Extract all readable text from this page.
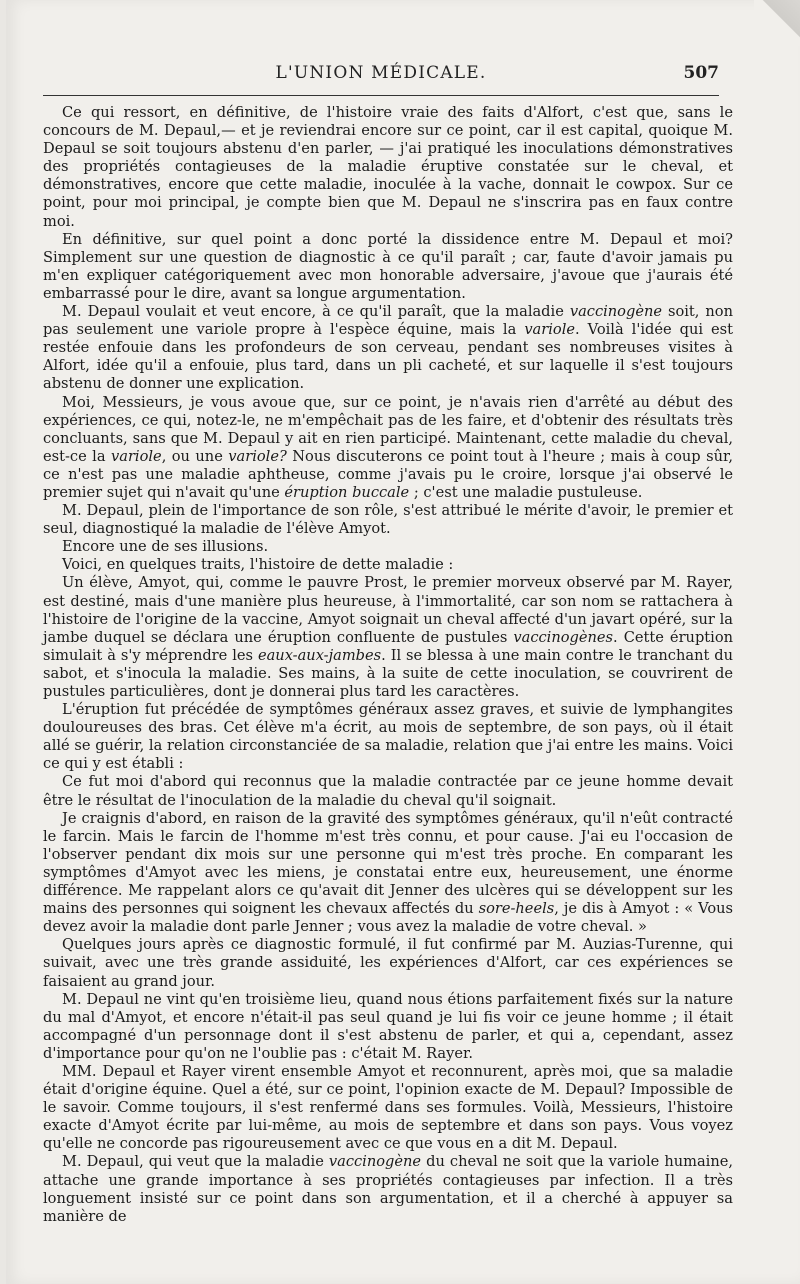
L'UNION MÉDICALE.	507

Ce qui ressort, en définitive, de l'histoire vraie des faits d'Alfort, c'est que, sans le concours de M. Depaul,— et je reviendrai encore sur ce point, car il est capital, quoique M. Depaul se soit toujours abstenu d'en parler, — j'ai pratiqué les inoculations démonstratives des propriétés contagieuses de la maladie éruptive constatée sur le cheval, et démonstratives, encore que cette maladie, inoculée à la vache, donnait le cowpox. Sur ce point, pour moi principal, je compte bien que M. Depaul ne s'inscrira pas en faux contre moi.

En définitive, sur quel point a donc porté la dissidence entre M. Depaul et moi? Simplement sur une question de diagnostic à ce qu'il paraît ; car, faute d'avoir jamais pu m'en expliquer catégoriquement avec mon honorable adversaire, j'avoue que j'aurais été embarrassé pour le dire, avant sa longue argumentation.

M. Depaul voulait et veut encore, à ce qu'il paraît, que la maladie vaccinogène soit, non pas seulement une variole propre à l'espèce équine, mais la variole. Voilà l'idée qui est restée enfouie dans les profondeurs de son cerveau, pendant ses nombreuses visites à Alfort, idée qu'il a enfouie, plus tard, dans un pli cacheté, et sur laquelle il s'est toujours abstenu de donner une explication.

Moi, Messieurs, je vous avoue que, sur ce point, je n'avais rien d'arrêté au début des expériences, ce qui, notez-le, ne m'empêchait pas de les faire, et d'obtenir des résultats très concluants, sans que M. Depaul y ait en rien participé. Maintenant, cette maladie du cheval, est-ce la variole, ou une variole? Nous discuterons ce point tout à l'heure ; mais à coup sûr, ce n'est pas une maladie aphtheuse, comme j'avais pu le croire, lorsque j'ai observé le premier sujet qui n'avait qu'une éruption buccale ; c'est une maladie pustuleuse.

M. Depaul, plein de l'importance de son rôle, s'est attribué le mérite d'avoir, le premier et seul, diagnostiqué la maladie de l'élève Amyot.

Encore une de ses illusions.

Voici, en quelques traits, l'histoire de dette maladie :

Un élève, Amyot, qui, comme le pauvre Prost, le premier morveux observé par M. Rayer, est destiné, mais d'une manière plus heureuse, à l'immortalité, car son nom se rattachera à l'histoire de l'origine de la vaccine, Amyot soignait un cheval affecté d'un javart opéré, sur la jambe duquel se déclara une éruption confluente de pustules vaccinogènes. Cette éruption simulait à s'y méprendre les eaux-aux-jambes. Il se blessa à une main contre le tranchant du sabot, et s'inocula la maladie. Ses mains, à la suite de cette inoculation, se couvrirent de pustules particulières, dont je donnerai plus tard les caractères.

L'éruption fut précédée de symptômes généraux assez graves, et suivie de lymphangites douloureuses des bras. Cet élève m'a écrit, au mois de septembre, de son pays, où il était allé se guérir, la relation circonstanciée de sa maladie, relation que j'ai entre les mains. Voici ce qui y est établi :

Ce fut moi d'abord qui reconnus que la maladie contractée par ce jeune homme devait être le résultat de l'inoculation de la maladie du cheval qu'il soignait.

Je craignis d'abord, en raison de la gravité des symptômes généraux, qu'il n'eût contracté le farcin. Mais le farcin de l'homme m'est très connu, et pour cause. J'ai eu l'occasion de l'observer pendant dix mois sur une personne qui m'est très proche. En comparant les symptômes d'Amyot avec les miens, je constatai entre eux, heureusement, une énorme différence. Me rappelant alors ce qu'avait dit Jenner des ulcères qui se développent sur les mains des personnes qui soignent les chevaux affectés du sore-heels, je dis à Amyot : « Vous devez avoir la maladie dont parle Jenner ; vous avez la maladie de votre cheval. »

Quelques jours après ce diagnostic formulé, il fut confirmé par M. Auzias-Turenne, qui suivait, avec une très grande assiduité, les expériences d'Alfort, car ces expériences se faisaient au grand jour.

M. Depaul ne vint qu'en troisième lieu, quand nous étions parfaitement fixés sur la nature du mal d'Amyot, et encore n'était-il pas seul quand je lui fis voir ce jeune homme ; il était accompagné d'un personnage dont il s'est abstenu de parler, et qui a, cependant, assez d'importance pour qu'on ne l'oublie pas : c'était M. Rayer.

MM. Depaul et Rayer virent ensemble Amyot et reconnurent, après moi, que sa maladie était d'origine équine. Quel a été, sur ce point, l'opinion exacte de M. Depaul? Impossible de le savoir. Comme toujours, il s'est renfermé dans ses formules. Voilà, Messieurs, l'histoire exacte d'Amyot écrite par lui-même, au mois de septembre et dans son pays. Vous voyez qu'elle ne concorde pas rigoureusement avec ce que vous en a dit M. Depaul.

M. Depaul, qui veut que la maladie vaccinogène du cheval ne soit que la variole humaine, attache une grande importance à ses propriétés contagieuses par infection. Il a très longuement insisté sur ce point dans son argumentation, et il a cherché à appuyer sa manière de
